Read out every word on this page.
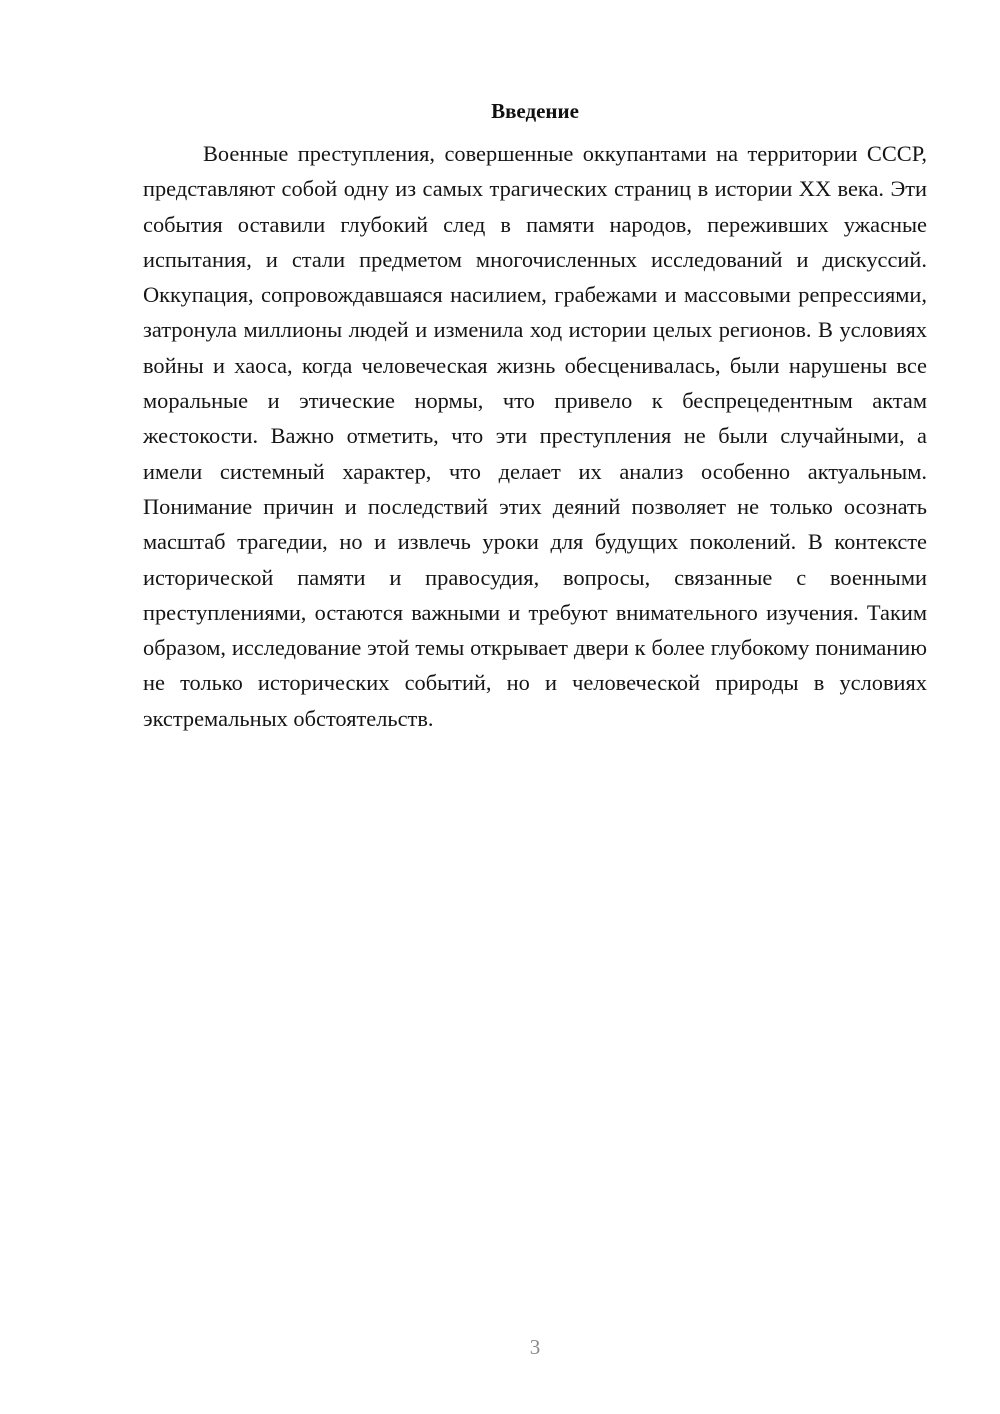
Введение

Военные преступления, совершенные оккупантами на территории СССР, представляют собой одну из самых трагических страниц в истории XX века. Эти события оставили глубокий след в памяти народов, переживших ужасные испытания, и стали предметом многочисленных исследований и дискуссий. Оккупация, сопровождавшаяся насилием, грабежами и массовыми репрессиями, затронула миллионы людей и изменила ход истории целых регионов. В условиях войны и хаоса, когда человеческая жизнь обесценивалась, были нарушены все моральные и этические нормы, что привело к беспрецедентным актам жестокости. Важно отметить, что эти преступления не были случайными, а имели системный характер, что делает их анализ особенно актуальным. Понимание причин и последствий этих деяний позволяет не только осознать масштаб трагедии, но и извлечь уроки для будущих поколений. В контексте исторической памяти и правосудия, вопросы, связанные с военными преступлениями, остаются важными и требуют внимательного изучения. Таким образом, исследование этой темы открывает двери к более глубокому пониманию не только исторических событий, но и человеческой природы в условиях экстремальных обстоятельств.

3
